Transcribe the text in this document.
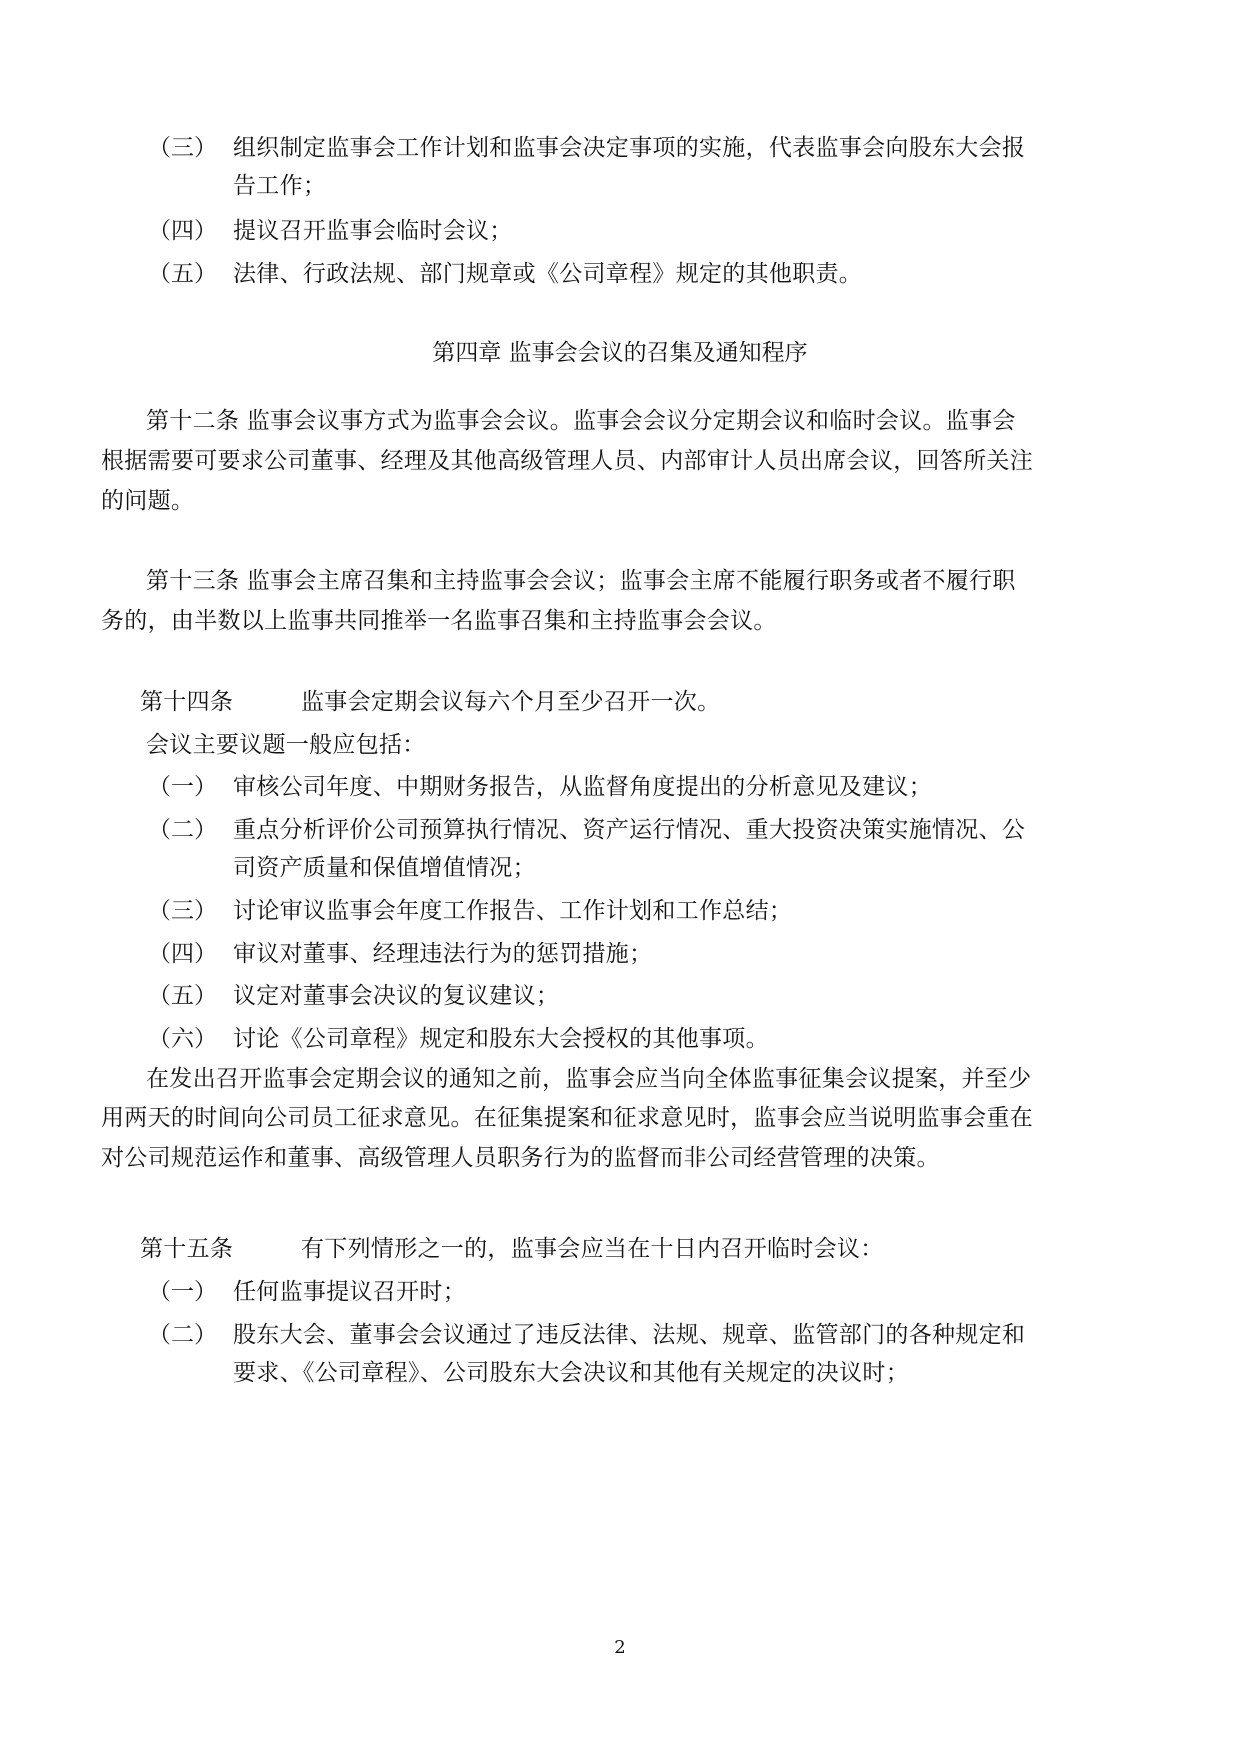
（三） 组织制定监事会工作计划和监事会决定事项的实施，代表监事会向股东大会报
告工作；
（四） 提议召开监事会临时会议；
（五） 法律、行政法规、部门规章或《公司章程》规定的其他职责。
第四章 监事会会议的召集及通知程序
第十二条 监事会议事方式为监事会会议。监事会会议分定期会议和临时会议。监事会
根据需要可要求公司董事、经理及其他高级管理人员、内部审计人员出席会议，回答所关注
的问题。
第十三条 监事会主席召集和主持监事会会议；监事会主席不能履行职务或者不履行职
务的，由半数以上监事共同推举一名监事召集和主持监事会会议。
第十四条	监事会定期会议每六个月至少召开一次。
会议主要议题一般应包括：
（一） 审核公司年度、中期财务报告，从监督角度提出的分析意见及建议；
（二） 重点分析评价公司预算执行情况、资产运行情况、重大投资决策实施情况、公
司资产质量和保值增值情况；
（三） 讨论审议监事会年度工作报告、工作计划和工作总结；
（四） 审议对董事、经理违法行为的惩罚措施；
（五） 议定对董事会决议的复议建议；
（六） 讨论《公司章程》规定和股东大会授权的其他事项。
在发出召开监事会定期会议的通知之前，监事会应当向全体监事征集会议提案，并至少
用两天的时间向公司员工征求意见。在征集提案和征求意见时，监事会应当说明监事会重在
对公司规范运作和董事、高级管理人员职务行为的监督而非公司经营管理的决策。
第十五条	有下列情形之一的，监事会应当在十日内召开临时会议：
（一） 任何监事提议召开时；
（二） 股东大会、董事会会议通过了违反法律、法规、规章、监管部门的各种规定和
要求、《公司章程》、公司股东大会决议和其他有关规定的决议时；
2
